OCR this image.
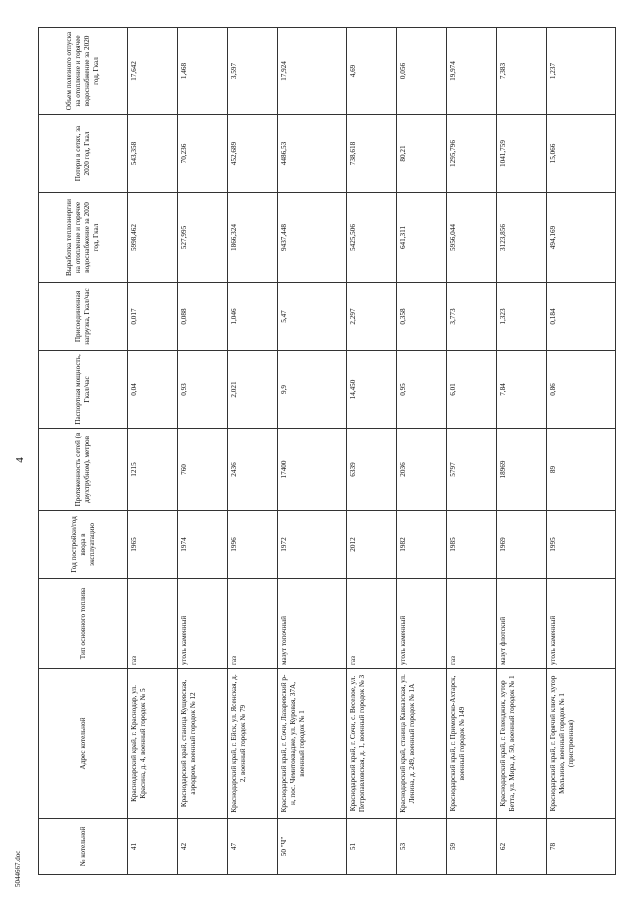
4
5044667.doc
№ котельной	Адрес котельной	Тип основного топлива	Год постройки/год ввода в эксплуатацию	Протяженность сетей (в двухтрубном), метров	Паспортная мощность, Гкал/час	Присоединенная нагрузка, Гкал/час	Выработка теплоэнергии на отопление и горячее водоснабжение за 2020 год, Гкал	Потери в сетях, за 2020 год, Гкал	Объем полезного отпуска на отопление и горячее водоснабжение за 2020 год, Гкал
41	Краснодарский край, г. Краснодар, ул. Красина, д. 4, военный городок № 5	газ	1965	1215	0,04	0,017	5998,462	543,358	17,642
42	Краснодарский край, станица Кущевская, аэродром, военный городок № 12	уголь каменный	1974	760	0,93	0,088	527,995	70,236	1,468
47	Краснодарский край, г. Ейск, ул. Ясенская, д. 2, военный городок № 79	газ	1996	2436	2,021	1,046	1866,324	452,689	3,597
50 "Ч"	Краснодарский край, г. Сочи, Лазаревский р-н, пос. Чемитоквадже, ул. Куровая, 37А, военный городок № 1	мазут топочный	1972	17400	9,9	5,47	9437,448	4486,53	17,924
51	Краснодарский край, г. Сочи, с. Веселое, ул. Петропавловская, д. 1, военный городок № 3	газ	2012	6339	14,450	2,297	5425,506	738,618	4,69
53	Краснодарский край, станица Кавказская, ул. Ленина, д. 249, военный городок № 1А	уголь каменный	1982	2036	0,95	0,358	641,311	80,21	0,056
59	Краснодарский край, г. Приморско-Ахтарск, военный городок № 149	газ	1985	5797	6,01	3,773	5956,044	1295,796	19,974
62	Краснодарский край, г. Геленджик, хутор Бетта, ул. Мира, д. 50, военный городок № 1	мазут флотский	1969	18969	7,84	1,323	3123,856	1041,759	7,383
78	Краснодарский край, г. Горячий ключ, хутор Мользино, военный городок № 1 (пристроенная)	уголь каменный	1995	89	0,86	0,184	494,169	15,066	1,237
